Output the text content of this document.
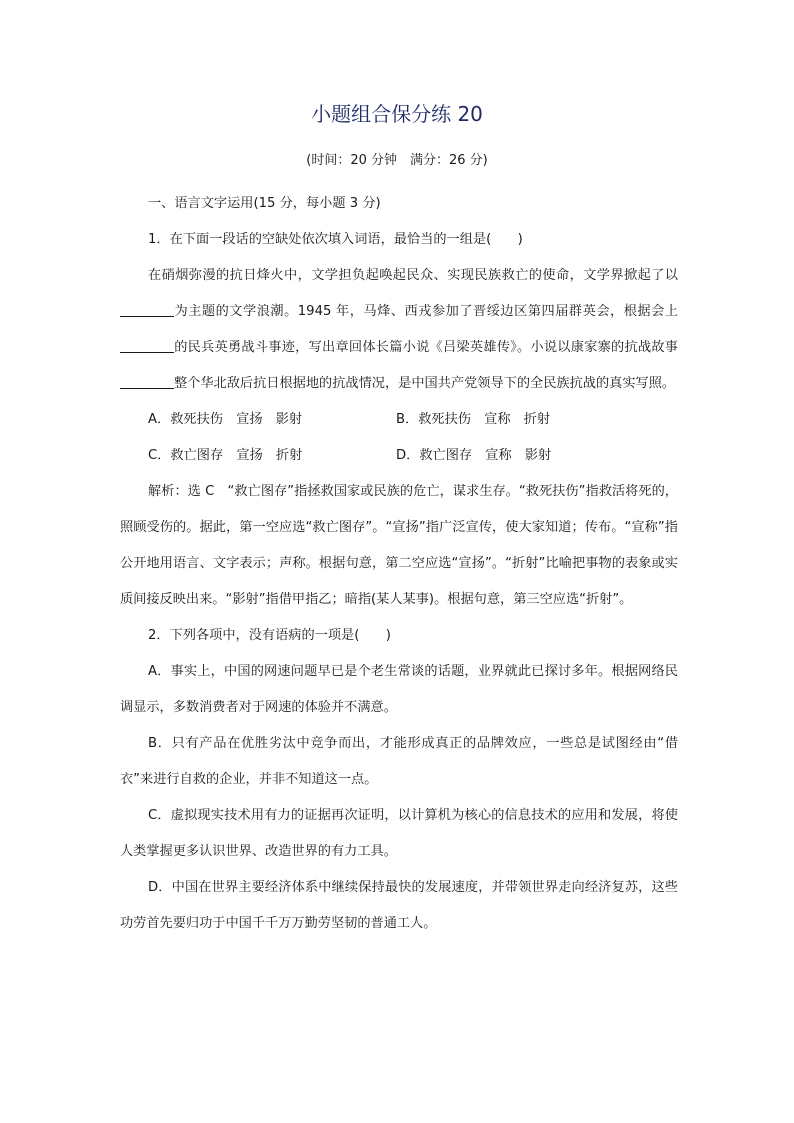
小题组合保分练 20
(时间：20 分钟　满分：26 分)

一、语言文字运用(15 分，每小题 3 分)

1．在下面一段话的空缺处依次填入词语，最恰当的一组是(　　)

在硝烟弥漫的抗日烽火中，文学担负起唤起民众、实现民族救亡的使命，文学界掀起了以为主题的文学浪潮。1945 年，马烽、西戎参加了晋绥边区第四届群英会，根据会上的民兵英勇战斗事迹，写出章回体长篇小说《吕梁英雄传》。小说以康家寨的抗战故事整个华北敌后抗日根据地的抗战情况，是中国共产党领导下的全民族抗战的真实写照。

A．救死扶伤　宣扬　影射	B．救死扶伤　宣称　折射
C．救亡图存　宣扬　折射	D．救亡图存　宣称　影射

解析：选 C　“救亡图存”指拯救国家或民族的危亡，谋求生存。“救死扶伤”指救活将死的，照顾受伤的。据此，第一空应选“救亡图存”。“宣扬”指广泛宣传，使大家知道；传布。“宣称”指公开地用语言、文字表示；声称。根据句意，第二空应选“宣扬”。“折射”比喻把事物的表象或实质间接反映出来。“影射”指借甲指乙；暗指(某人某事)。根据句意，第三空应选“折射”。

2．下列各项中，没有语病的一项是(　　)

A．事实上，中国的网速问题早已是个老生常谈的话题，业界就此已探讨多年。根据网络民调显示，多数消费者对于网速的体验并不满意。

B．只有产品在优胜劣汰中竞争而出，才能形成真正的品牌效应，一些总是试图经由“借衣”来进行自救的企业，并非不知道这一点。

C．虚拟现实技术用有力的证据再次证明，以计算机为核心的信息技术的应用和发展，将使人类掌握更多认识世界、改造世界的有力工具。

D．中国在世界主要经济体系中继续保持最快的发展速度，并带领世界走向经济复苏，这些功劳首先要归功于中国千千万万勤劳坚韧的普通工人。
